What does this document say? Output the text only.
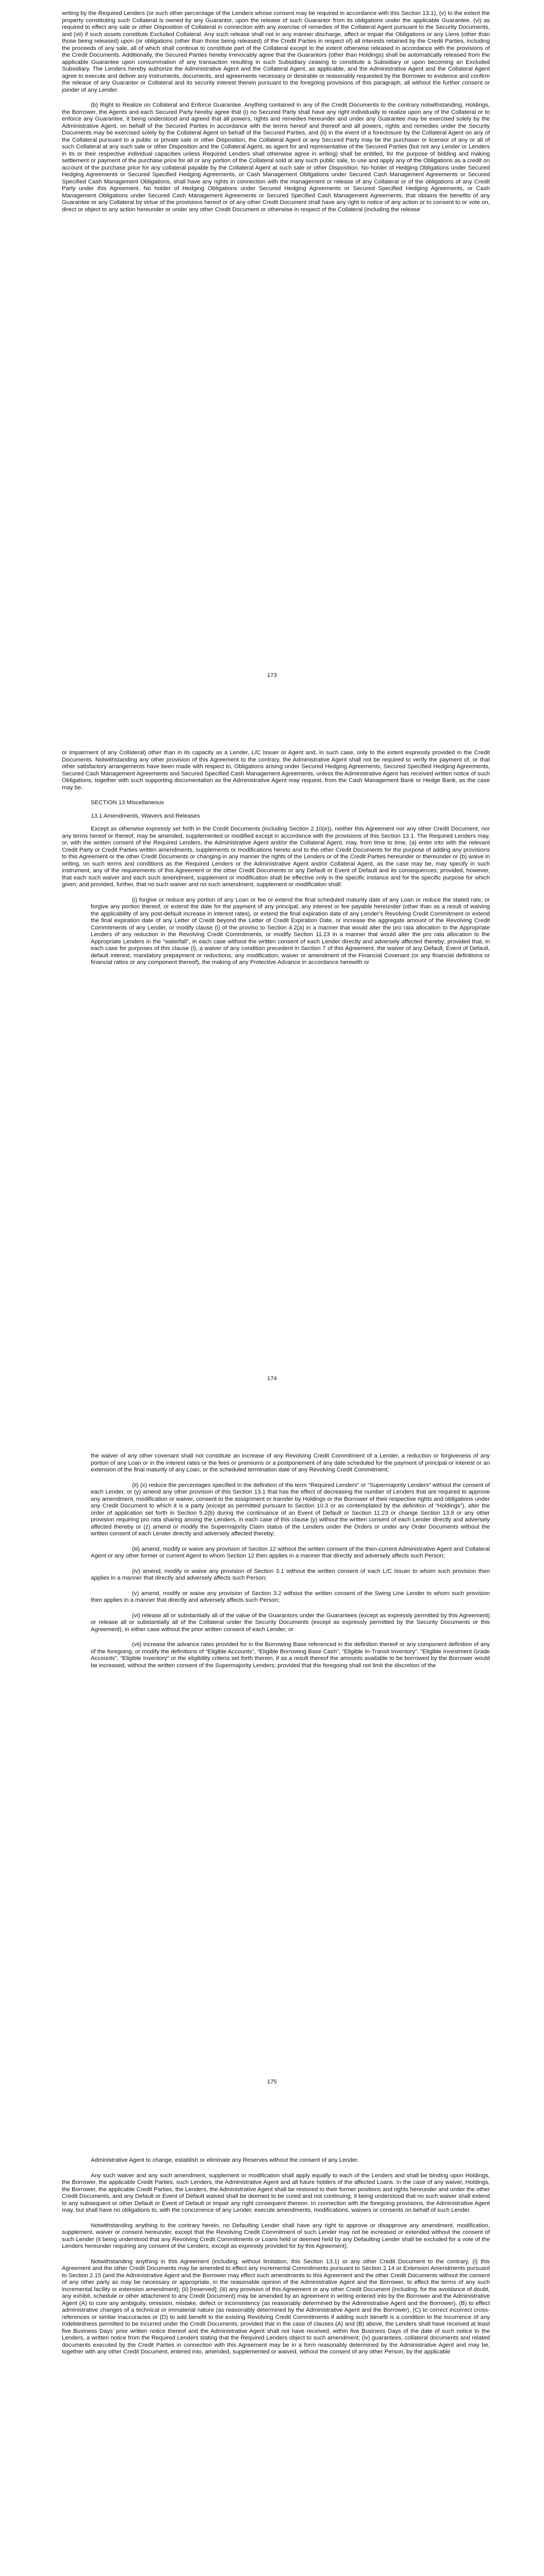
writing by the Required Lenders (or such other percentage of the Lenders whose consent may be required in accordance with this Section 13.1), (v) to the extent the property constituting such Collateral is owned by any Guarantor, upon the release of such Guarantor from its obligations under the applicable Guarantee, (vi) as required to effect any sale or other Disposition of Collateral in connection with any exercise of remedies of the Collateral Agent pursuant to the Security Documents, and (vii) if such assets constitute Excluded Collateral. Any such release shall not in any manner discharge, affect or impair the Obligations or any Liens (other than those being released) upon (or obligations (other than those being released) of the Credit Parties in respect of) all interests retained by the Credit Parties, including the proceeds of any sale, all of which shall continue to constitute part of the Collateral except to the extent otherwise released in accordance with the provisions of the Credit Documents. Additionally, the Secured Parties hereby irrevocably agree that the Guarantors (other than Holdings) shall be automatically released from the applicable Guarantee upon consummation of any transaction resulting in such Subsidiary ceasing to constitute a Subsidiary or upon becoming an Excluded Subsidiary. The Lenders hereby authorize the Administrative Agent and the Collateral Agent, as applicable, and the Administrative Agent and the Collateral Agent agree to execute and deliver any instruments, documents, and agreements necessary or desirable or reasonably requested by the Borrower to evidence and confirm the release of any Guarantor or Collateral and its security interest therein pursuant to the foregoing provisions of this paragraph, all without the further consent or joinder of any Lender.

(b) Right to Realize on Collateral and Enforce Guarantee. Anything contained in any of the Credit Documents to the contrary notwithstanding, Holdings, the Borrower, the Agents and each Secured Party hereby agree that (i) no Secured Party shall have any right individually to realize upon any of the Collateral or to enforce any Guarantee, it being understood and agreed that all powers, rights and remedies hereunder and under any Guarantee may be exercised solely by the Administrative Agent, on behalf of the Secured Parties in accordance with the terms hereof and thereof and all powers, rights and remedies under the Security Documents may be exercised solely by the Collateral Agent on behalf of the Secured Parties, and (ii) in the event of a foreclosure by the Collateral Agent on any of the Collateral pursuant to a public or private sale or other Disposition, the Collateral Agent or any Secured Party may be the purchaser or licensor of any or all of such Collateral at any such sale or other Disposition and the Collateral Agent, as agent for and representative of the Secured Parties (but not any Lender or Lenders in its or their respective individual capacities unless Required Lenders shall otherwise agree in writing) shall be entitled, for the purpose of bidding and making settlement or payment of the purchase price for all or any portion of the Collateral sold at any such public sale, to use and apply any of the Obligations as a credit on account of the purchase price for any collateral payable by the Collateral Agent at such sale or other Disposition. No holder of Hedging Obligations under Secured Hedging Agreements or Secured Specified Hedging Agreements, or Cash Management Obligations under Secured Cash Management Agreements or Secured Specified Cash Management Obligations, shall have any rights in connection with the management or release of any Collateral or of the obligations of any Credit Party under this Agreement. No holder of Hedging Obligations under Secured Hedging Agreements or Secured Specified Hedging Agreements, or Cash Management Obligations under Secured Cash Management Agreements or Secured Specified Cash Management Agreements, that obtains the benefits of any Guarantee or any Collateral by virtue of the provisions hereof or of any other Credit Document shall have any right to notice of any action or to consent to or vote on, direct or object to any action hereunder or under any other Credit Document or otherwise in respect of the Collateral (including the release

173

or impairment of any Collateral) other than in its capacity as a Lender, L/C Issuer or Agent and, in such case, only to the extent expressly provided in the Credit Documents. Notwithstanding any other provision of this Agreement to the contrary, the Administrative Agent shall not be required to verify the payment of, or that other satisfactory arrangements have been made with respect to, Obligations arising under Secured Hedging Agreements, Secured Specified Hedging Agreements, Secured Cash Management Agreements and Secured Specified Cash Management Agreements, unless the Administrative Agent has received written notice of such Obligations, together with such supporting documentation as the Administrative Agent may request, from the Cash Management Bank or Hedge Bank, as the case may be.

SECTION 13 Miscellaneous

13.1 Amendments, Waivers and Releases

Except as otherwise expressly set forth in the Credit Documents (including Section 2.10(e)), neither this Agreement nor any other Credit Document, nor any terms hereof or thereof, may be amended, supplemented or modified except in accordance with the provisions of this Section 13.1. The Required Lenders may, or, with the written consent of the Required Lenders, the Administrative Agent and/or the Collateral Agent, may, from time to time, (a) enter into with the relevant Credit Party or Credit Parties written amendments, supplements or modifications hereto and to the other Credit Documents for the purpose of adding any provisions to this Agreement or the other Credit Documents or changing in any manner the rights of the Lenders or of the Credit Parties hereunder or thereunder or (b) waive in writing, on such terms and conditions as the Required Lenders or the Administrative Agent and/or Collateral Agent, as the case may be, may specify in such instrument, any of the requirements of this Agreement or the other Credit Documents or any Default or Event of Default and its consequences; provided, however, that each such waiver and each such amendment, supplement or modification shall be effective only in the specific instance and for the specific purpose for which given; and provided, further, that no such waiver and no such amendment, supplement or modification shall:

(i) forgive or reduce any portion of any Loan or fee or extend the final scheduled maturity date of any Loan or reduce the stated rate, or forgive any portion thereof, or extend the date for the payment of any principal, any interest or fee payable hereunder (other than as a result of waiving the applicability of any post-default increase in interest rates), or extend the final expiration date of any Lender's Revolving Credit Commitment or extend the final expiration date of any Letter of Credit beyond the Letter of Credit Expiration Date, or increase the aggregate amount of the Revolving Credit Commitments of any Lender, or modify clause (i) of the proviso to Section 4.2(a) in a manner that would alter the pro rata allocation to the Appropriate Lenders of any reduction in the Revolving Credit Commitments, or modify Section 11.23 in a manner that would alter the pro rata allocation to the Appropriate Lenders in the “waterfall”, in each case without the written consent of each Lender directly and adversely affected thereby; provided that, in each case for purposes of this clause (i), a waiver of any condition precedent in Section 7 of this Agreement, the waiver of any Default, Event of Default, default interest, mandatory prepayment or reductions, any modification, waiver or amendment of the Financial Covenant (or any financial definitions or financial ratios or any component thereof), the making of any Protective Advance in accordance herewith or

174

the waiver of any other covenant shall not constitute an increase of any Revolving Credit Commitment of a Lender, a reduction or forgiveness of any portion of any Loan or in the interest rates or the fees or premiums or a postponement of any date scheduled for the payment of principal or interest or an extension of the final maturity of any Loan, or the scheduled termination date of any Revolving Credit Commitment;

(ii) (x) reduce the percentages specified in the definition of the term “Required Lenders” or “Supermajority Lenders” without the consent of each Lender, or (y) amend any other provision of this Section 13.1 that has the effect of decreasing the number of Lenders that are required to approve any amendment, modification or waiver, consent to the assignment or transfer by Holdings or the Borrower of their respective rights and obligations under any Credit Document to which it is a party (except as permitted pursuant to Section 10.3 or as contemplated by the definition of “Holdings”), alter the order of application set forth in Section 5.2(b) during the continuance of an Event of Default or Section 11.23 or change Section 13.8 or any other provision requiring pro rata sharing among the Lenders, in each case of this clause (y) without the written consent of each Lender directly and adversely affected thereby or (z) amend or modify the Supermajority Claim status of the Lenders under the Orders or under any Order Documents without the written consent of each Lender directly and adversely affected thereby;

(iii) amend, modify or waive any provision of Section 12 without the written consent of the then-current Administrative Agent and Collateral Agent or any other former or current Agent to whom Section 12 then applies in a manner that directly and adversely affects such Person;

(iv) amend, modify or waive any provision of Section 3.1 without the written consent of each L/C Issuer to whom such provision then applies in a manner that directly and adversely affects such Person;

(v) amend, modify or waive any provision of Section 3.2 without the written consent of the Swing Line Lender to whom such provision then applies in a manner that directly and adversely affects such Person;

(vi) release all or substantially all of the value of the Guarantors under the Guarantees (except as expressly permitted by this Agreement) or release all or substantially all of the Collateral under the Security Documents (except as expressly permitted by the Security Documents or this Agreement), in either case without the prior written consent of each Lender; or

(vii) increase the advance rates provided for in the Borrowing Base referenced in the definition thereof or any component definition of any of the foregoing, or modify the definitions of “Eligible Accounts”, “Eligible Borrowing Base Cash”, “Eligible In-Transit Inventory”, “Eligible Investment Grade Accounts”, “Eligible Inventory” or the eligibility criteria set forth therein, if as a result thereof the amounts available to be borrowed by the Borrower would be increased, without the written consent of the Supermajority Lenders; provided that the foregoing shall not limit the discretion of the

175

Administrative Agent to change, establish or eliminate any Reserves without the consent of any Lender.

Any such waiver and any such amendment, supplement or modification shall apply equally to each of the Lenders and shall be binding upon Holdings, the Borrower, the applicable Credit Parties, such Lenders, the Administrative Agent and all future holders of the affected Loans. In the case of any waiver, Holdings, the Borrower, the applicable Credit Parties, the Lenders, the Administrative Agent shall be restored to their former positions and rights hereunder and under the other Credit Documents, and any Default or Event of Default waived shall be deemed to be cured and not continuing, it being understood that no such waiver shall extend to any subsequent or other Default or Event of Default or impair any right consequent thereon. In connection with the foregoing provisions, the Administrative Agent may, but shall have no obligations to, with the concurrence of any Lender, execute amendments, modifications, waivers or consents on behalf of such Lender.

Notwithstanding anything to the contrary herein, no Defaulting Lender shall have any right to approve or disapprove any amendment, modification, supplement, waiver or consent hereunder, except that the Revolving Credit Commitment of such Lender may not be increased or extended without the consent of such Lender (it being understood that any Revolving Credit Commitments or Loans held or deemed held by any Defaulting Lender shall be excluded for a vote of the Lenders hereunder requiring any consent of the Lenders, except as expressly provided for by this Agreement).

Notwithstanding anything in this Agreement (including, without limitation, this Section 13.1) or any other Credit Document to the contrary, (i) this Agreement and the other Credit Documents may be amended to effect any Incremental Commitments pursuant to Section 2.14 or Extension Amendments pursuant to Section 2.15 (and the Administrative Agent and the Borrower may effect such amendments to this Agreement and the other Credit Documents without the consent of any other party as may be necessary or appropriate, in the reasonable opinion of the Administrative Agent and the Borrower, to effect the terms of any such incremental facility or extension amendment); (ii) [reserved]; (iii) any provision of this Agreement or any other Credit Document (including, for the avoidance of doubt, any exhibit, schedule or other attachment to any Credit Document) may be amended by an agreement in writing entered into by the Borrower and the Administrative Agent (A) to cure any ambiguity, omission, mistake, defect or inconsistency (as reasonably determined by the Administrative Agent and the Borrower), (B) to effect administrative changes of a technical or immaterial nature (as reasonably determined by the Administrative Agent and the Borrower), (C) to correct incorrect cross-references or similar inaccuracies or (D) to add benefit to the existing Revolving Credit Commitments if adding such benefit is a condition to the incurrence of any Indebtedness permitted to be incurred under the Credit Documents; provided that in the case of clauses (A) and (B) above, the Lenders shall have received at least five Business Days’ prior written notice thereof and the Administrative Agent shall not have received, within five Business Days of the date of such notice to the Lenders, a written notice from the Required Lenders stating that the Required Lenders object to such amendment; (iv) guarantees, collateral documents and related documents executed by the Credit Parties in connection with this Agreement may be in a form reasonably determined by the Administrative Agent and may be, together with any other Credit Document, entered into, amended, supplemented or waived, without the consent of any other Person, by the applicable
